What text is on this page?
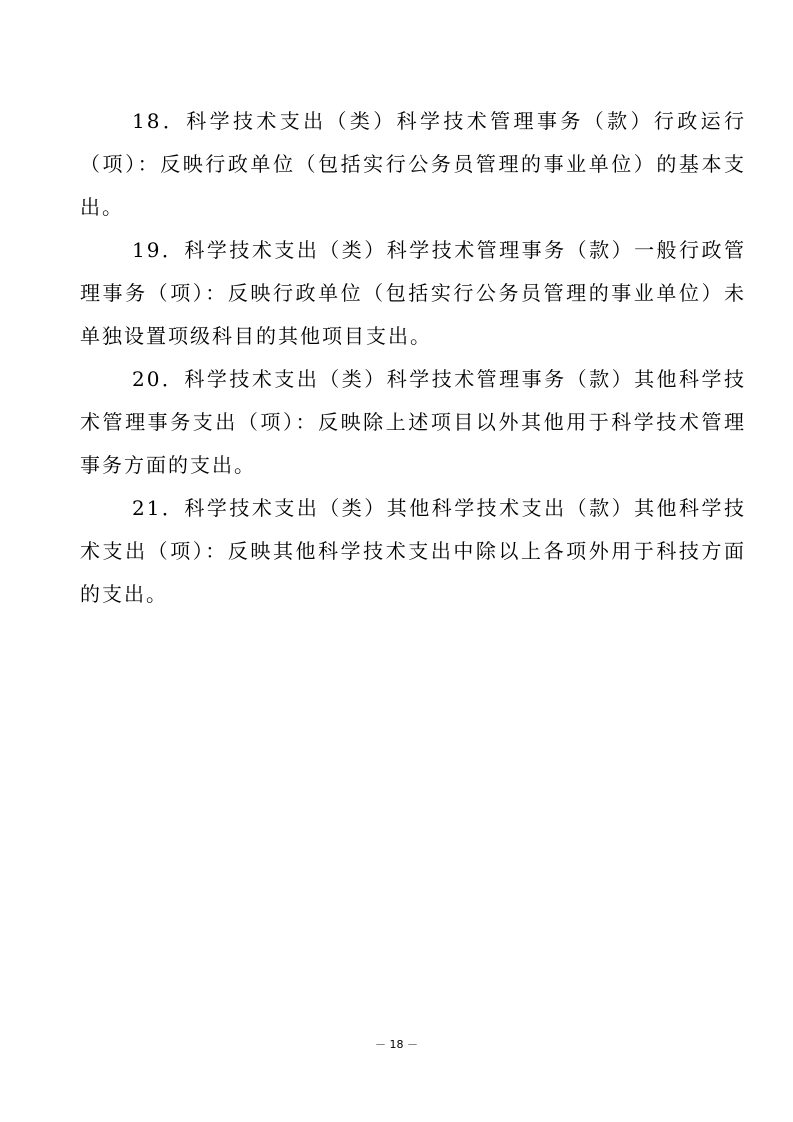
18．科学技术支出（类）科学技术管理事务（款）行政运行（项）：反映行政单位（包括实行公务员管理的事业单位）的基本支出。

19．科学技术支出（类）科学技术管理事务（款）一般行政管理事务（项）：反映行政单位（包括实行公务员管理的事业单位）未单独设置项级科目的其他项目支出。

20．科学技术支出（类）科学技术管理事务（款）其他科学技术管理事务支出（项）：反映除上述项目以外其他用于科学技术管理事务方面的支出。

21．科学技术支出（类）其他科学技术支出（款）其他科学技术支出（项）：反映其他科学技术支出中除以上各项外用于科技方面的支出。

－ 18 －
